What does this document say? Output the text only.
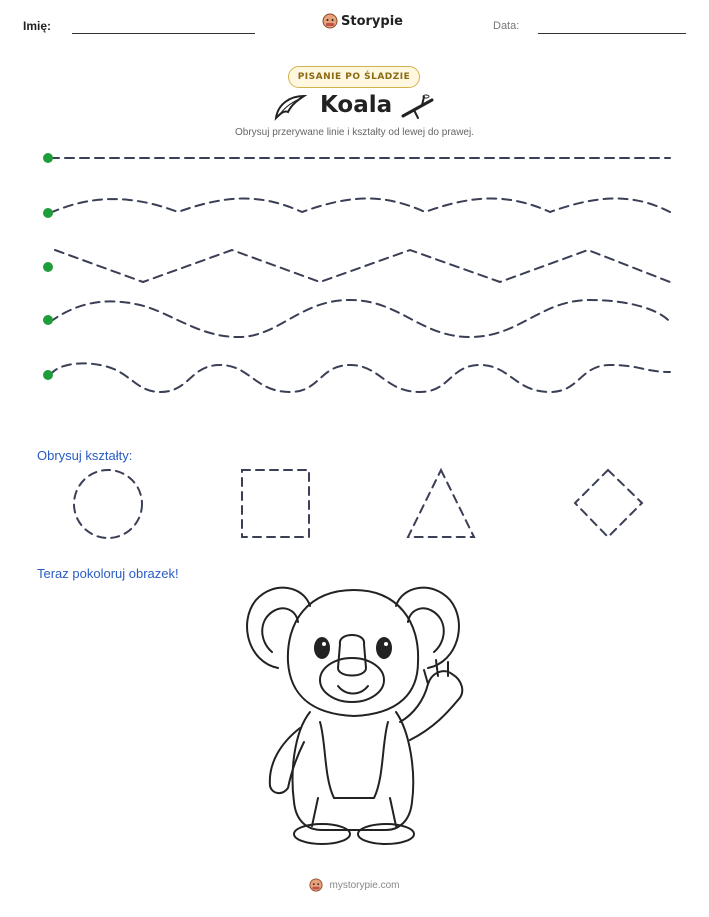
Imię:	Storypie	Data:
PISANIE PO ŚLADZIE
Koala
Obrysuj przerywane linie i kształty od lewej do prawej.
Obrysuj kształty:
Teraz pokoloruj obrazek!
mystorypie.com
